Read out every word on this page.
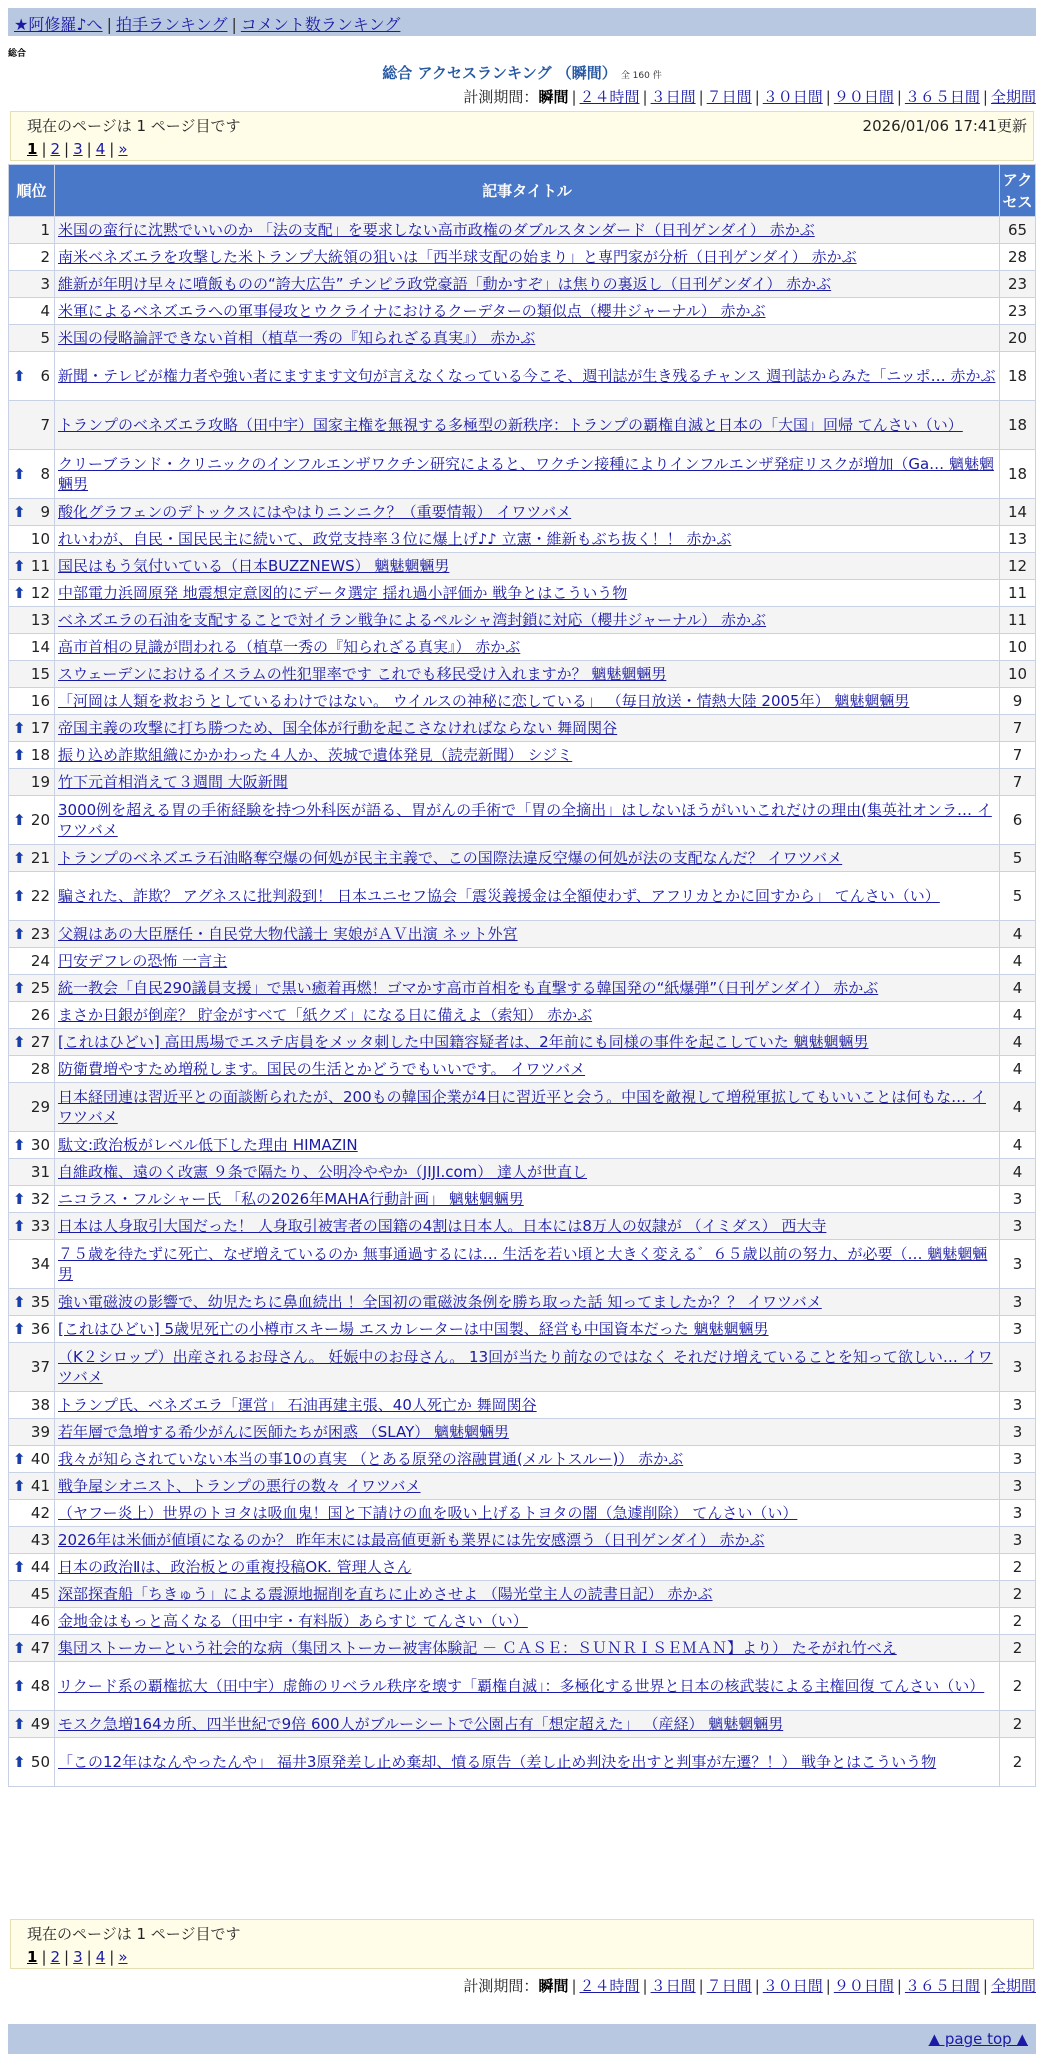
★阿修羅♪へ | 拍手ランキング | コメント数ランキング
総合
総合 アクセスランキング （瞬間） 全 160 件
計測期間：瞬間 | ２４時間 | ３日間 | ７日間 | ３０日間 | ９０日間 | ３６５日間 | 全期間
現在のページは 1 ページ目です	2026/01/06 17:41更新
1 | 2 | 3 | 4 | »
順位	記事タイトル	アクセス
1	米国の蛮行に沈黙でいいのか 「法の支配」を要求しない高市政権のダブルスタンダード（日刊ゲンダイ） 赤かぶ	65
2	南米ベネズエラを攻撃した米トランプ大統領の狙いは「西半球支配の始まり」と専門家が分析（日刊ゲンダイ） 赤かぶ	28
3	維新が年明け早々に噴飯ものの“誇大広告” チンピラ政党豪語「動かすぞ」は焦りの裏返し（日刊ゲンダイ） 赤かぶ	23
4	米軍によるベネズエラへの軍事侵攻とウクライナにおけるクーデターの類似点（櫻井ジャーナル） 赤かぶ	23
5	米国の侵略論評できない首相（植草一秀の『知られざる真実』） 赤かぶ	20

⬆ 6	新聞・テレビが権力者や強い者にますます文句が言えなくなっている今こそ、週刊誌が生き残るチャンス 週刊誌からみた「ニッポ… 赤かぶ	18
7	トランプのベネズエラ攻略（田中宇）国家主権を無視する多極型の新秩序：トランプの覇権自滅と日本の「大国」回帰 てんさい（い）	18

⬆ 8	クリーブランド・クリニックのインフルエンザワクチン研究によると、ワクチン接種によりインフルエンザ発症リスクが増加（Ga… 魑魅魍魎男	18

⬆ 9	酸化グラフェンのデトックスにはやはりニンニク？（重要情報） イワツバメ	14
10	れいわが、自民・国民民主に続いて、政党支持率３位に爆上げ♪♪ 立憲・維新もぶち抜く！！ 赤かぶ	13

⬆ 11	国民はもう気付いている（日本BUZZNEWS） 魑魅魍魎男	12

⬆ 12	中部電力浜岡原発 地震想定意図的にデータ選定 揺れ過小評価か 戦争とはこういう物	11
13	ベネズエラの石油を支配することで対イラン戦争によるペルシャ湾封鎖に対応（櫻井ジャーナル） 赤かぶ	11
14	高市首相の見識が問われる（植草一秀の『知られざる真実』） 赤かぶ	10
15	スウェーデンにおけるイスラムの性犯罪率です これでも移民受け入れますか？ 魑魅魍魎男	10
16	「河岡は人類を救おうとしているわけではない。 ウイルスの神秘に恋している」 （毎日放送・情熱大陸 2005年） 魑魅魍魎男	9

⬆ 17	帝国主義の攻撃に打ち勝つため、国全体が行動を起こさなければならない 舞岡関谷	7

⬆ 18	振り込め詐欺組織にかかわった４人か、茨城で遺体発見（読売新聞） シジミ	7
19	竹下元首相消えて３週間 大阪新聞	7

⬆ 20	3000例を超える胃の手術経験を持つ外科医が語る、胃がんの手術で「胃の全摘出」はしないほうがいいこれだけの理由(集英社オンラ… イワツバメ	6

⬆ 21	トランプのベネズエラ石油略奪空爆の何処が民主主義で、この国際法違反空爆の何処が法の支配なんだ？ イワツバメ	5

⬆ 22	騙された、詐欺？ アグネスに批判殺到！ 日本ユニセフ協会「震災義援金は全額使わず、アフリカとかに回すから」 てんさい（い）	5

⬆ 23	父親はあの大臣歴任・自民党大物代議士 実娘がＡＶ出演 ネット外宮	4
24	円安デフレの恐怖 一言主	4

⬆ 25	統一教会「自民290議員支援」で黒い癒着再燃！ゴマかす高市首相をも直撃する韓国発の“紙爆弾”（日刊ゲンダイ） 赤かぶ	4
26	まさか日銀が倒産？ 貯金がすべて「紙クズ」になる日に備えよ（索知） 赤かぶ	4

⬆ 27	[これはひどい] 高田馬場でエステ店員をメッタ刺した中国籍容疑者は、2年前にも同様の事件を起こしていた 魑魅魍魎男	4
28	防衛費増やすため増税します。国民の生活とかどうでもいいです。 イワツバメ	4
29	日本経団連は習近平との面談断られたが、200もの韓国企業が4日に習近平と会う。中国を敵視して増税軍拡してもいいことは何もな… イワツバメ	4

⬆ 30	駄文:政治板がレベル低下した理由 HIMAZIN	4
31	自維政権、遠のく改憲 ９条で隔たり、公明冷ややか（JIJI.com） 達人が世直し	4

⬆ 32	ニコラス・フルシャー氏 「私の2026年MAHA行動計画」 魑魅魍魎男	3

⬆ 33	日本は人身取引大国だった！ 人身取引被害者の国籍の4割は日本人。日本には8万人の奴隷が （イミダス） 西大寺	3
34	７５歳を待たずに死亡、なぜ増えているのか 無事通過するには… 生活を若い頃と大きく変える゛６５歳以前の努力、が必要（… 魑魅魍魎男	3

⬆ 35	強い電磁波の影響で、幼児たちに鼻血続出 ！全国初の電磁波条例を勝ち取った話 知ってましたか？？ イワツバメ	3

⬆ 36	[これはひどい] 5歳児死亡の小樽市スキー場 エスカレーターは中国製、経営も中国資本だった 魑魅魍魎男	3
37	（K２シロップ）出産されるお母さん。 妊娠中のお母さん。 13回が当たり前なのではなく それだけ増えていることを知って欲しい… イワツバメ	3
38	トランプ氏、ベネズエラ「運営」 石油再建主張、40人死亡か 舞岡関谷	3
39	若年層で急増する希少がんに医師たちが困惑 （SLAY） 魑魅魍魎男	3

⬆ 40	我々が知らされていない本当の事10の真実 （とある原発の溶融貫通(メルトスルー)） 赤かぶ	3

⬆ 41	戦争屋シオニスト、トランプの悪行の数々 イワツバメ	3
42	（ヤフー炎上）世界のトヨタは吸血鬼！国と下請けの血を吸い上げるトヨタの闇（急遽削除） てんさい（い）	3
43	2026年は米価が値頃になるのか？ 昨年末には最高値更新も業界には先安感漂う（日刊ゲンダイ） 赤かぶ	3

⬆ 44	日本の政治Ⅱは、政治板との重複投稿OK. 管理人さん	2
45	深部探査船「ちきゅう」による震源地掘削を直ちに止めさせよ （陽光堂主人の読書日記） 赤かぶ	2
46	金地金はもっと高くなる（田中宇・有料版）あらすじ てんさい（い）	2

⬆ 47	集団ストーカーという社会的な病（集団ストーカー被害体験記 － ＣＡＳＥ：ＳＵＮＲＩＳＥＭＡＮ】より） たそがれ竹べえ	2

⬆ 48	リクード系の覇権拡大（田中宇）虚飾のリベラル秩序を壊す「覇権自滅」：多極化する世界と日本の核武装による主権回復 てんさい（い）	2

⬆ 49	モスク急増164カ所、四半世紀で9倍 600人がブルーシートで公園占有「想定超えた」 （産経） 魑魅魍魎男	2

⬆ 50	「この12年はなんやったんや」 福井3原発差し止め棄却、憤る原告（差し止め判決を出すと判事が左遷？！） 戦争とはこういう物	2
現在のページは 1 ページ目です
1 | 2 | 3 | 4 | »
計測期間：瞬間 | ２４時間 | ３日間 | ７日間 | ３０日間 | ９０日間 | ３６５日間 | 全期間
▲ page top ▲
